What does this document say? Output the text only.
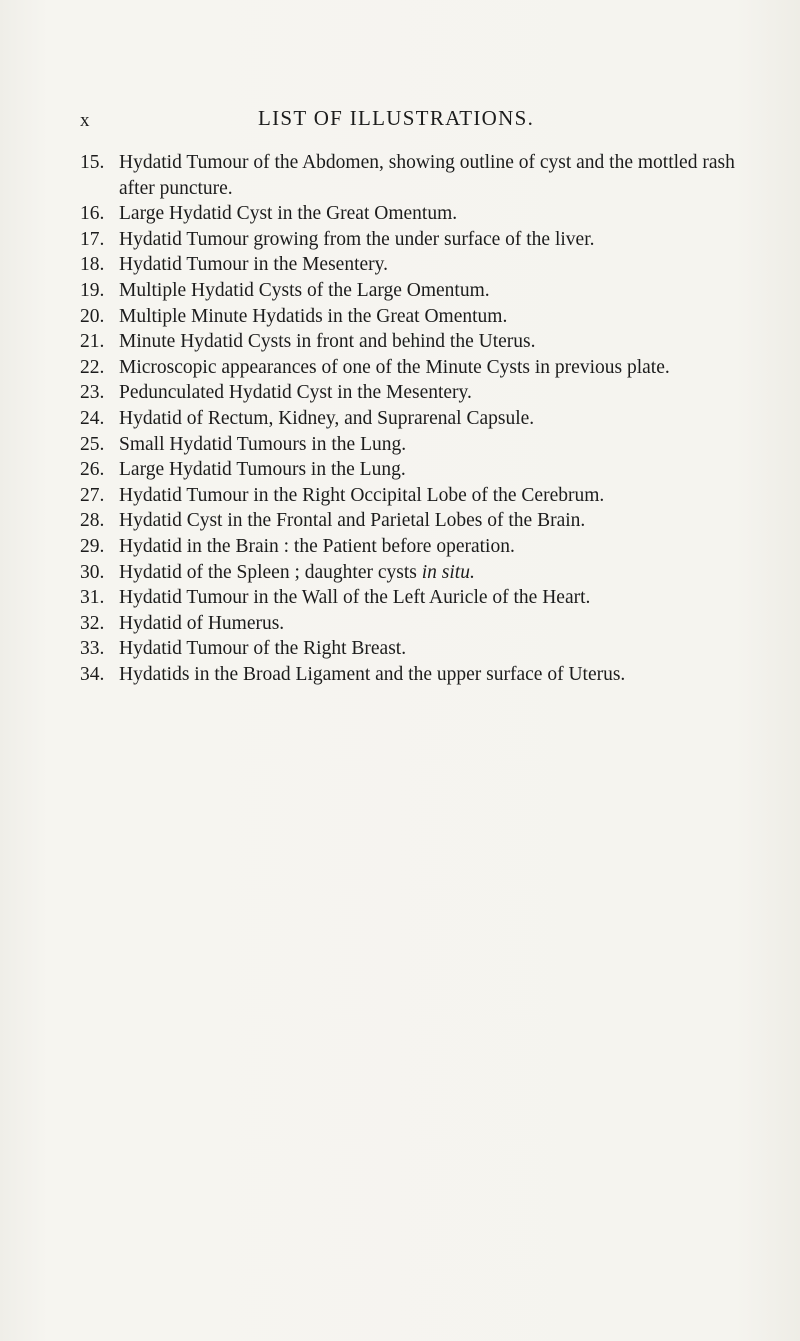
x	LIST OF ILLUSTRATIONS.
15. Hydatid Tumour of the Abdomen, showing outline of cyst and the mottled rash after puncture.
16. Large Hydatid Cyst in the Great Omentum.
17. Hydatid Tumour growing from the under surface of the liver.
18. Hydatid Tumour in the Mesentery.
19. Multiple Hydatid Cysts of the Large Omentum.
20. Multiple Minute Hydatids in the Great Omentum.
21. Minute Hydatid Cysts in front and behind the Uterus.
22. Microscopic appearances of one of the Minute Cysts in previous plate.
23. Pedunculated Hydatid Cyst in the Mesentery.
24. Hydatid of Rectum, Kidney, and Suprarenal Capsule.
25. Small Hydatid Tumours in the Lung.
26. Large Hydatid Tumours in the Lung.
27. Hydatid Tumour in the Right Occipital Lobe of the Cerebrum.
28. Hydatid Cyst in the Frontal and Parietal Lobes of the Brain.
29. Hydatid in the Brain : the Patient before operation.
30. Hydatid of the Spleen ; daughter cysts in situ.
31. Hydatid Tumour in the Wall of the Left Auricle of the Heart.
32. Hydatid of Humerus.
33. Hydatid Tumour of the Right Breast.
34. Hydatids in the Broad Ligament and the upper surface of Uterus.
